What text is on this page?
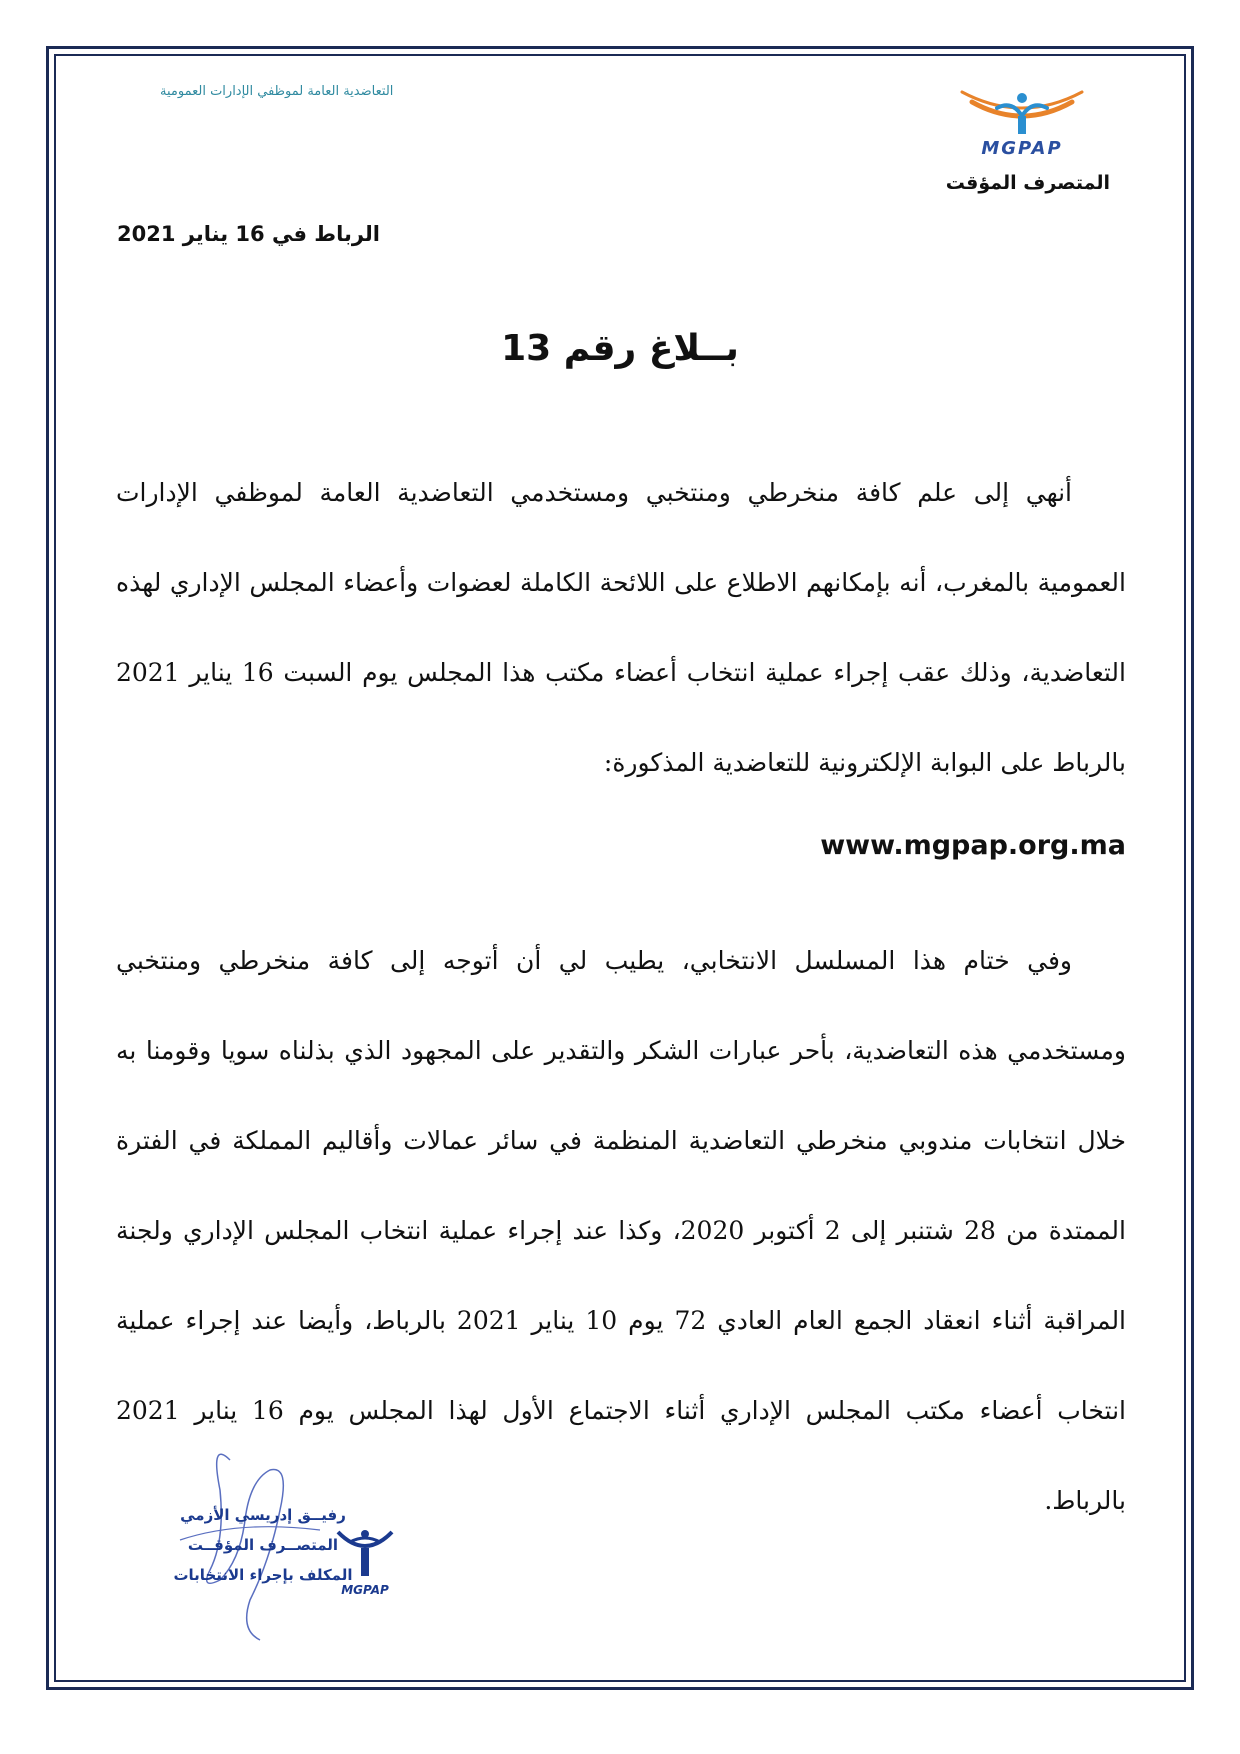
التعاضدية العامة لموظفي الإدارات العمومية
MGPAP
المتصرف المؤقت
الرباط في 16 يناير 2021
بــلاغ رقم 13

أنهي إلى علم كافة منخرطي ومنتخبي ومستخدمي التعاضدية العامة لموظفي الإدارات العمومية بالمغرب، أنه بإمكانهم الاطلاع على اللائحة الكاملة لعضوات وأعضاء المجلس الإداري لهذه التعاضدية، وذلك عقب إجراء عملية انتخاب أعضاء مكتب هذا المجلس يوم السبت 16 يناير 2021 بالرباط على البوابة الإلكترونية للتعاضدية المذكورة:

www.mgpap.org.ma

وفي ختام هذا المسلسل الانتخابي، يطيب لي أن أتوجه إلى كافة منخرطي ومنتخبي ومستخدمي هذه التعاضدية، بأحر عبارات الشكر والتقدير على المجهود الذي بذلناه سويا وقومنا به خلال انتخابات مندوبي منخرطي التعاضدية المنظمة في سائر عمالات وأقاليم المملكة في الفترة الممتدة من 28 شتنبر إلى 2 أكتوبر 2020، وكذا عند إجراء عملية انتخاب المجلس الإداري ولجنة المراقبة أثناء انعقاد الجمع العام العادي 72 يوم 10 يناير 2021 بالرباط، وأيضا عند إجراء عملية انتخاب أعضاء مكتب المجلس الإداري أثناء الاجتماع الأول لهذا المجلس يوم 16 يناير 2021 بالرباط.

رفيــق إدريسي الأزمي
المتصــرف المؤقــت
المكلف بإجراء الانتخابات
MGPAP
